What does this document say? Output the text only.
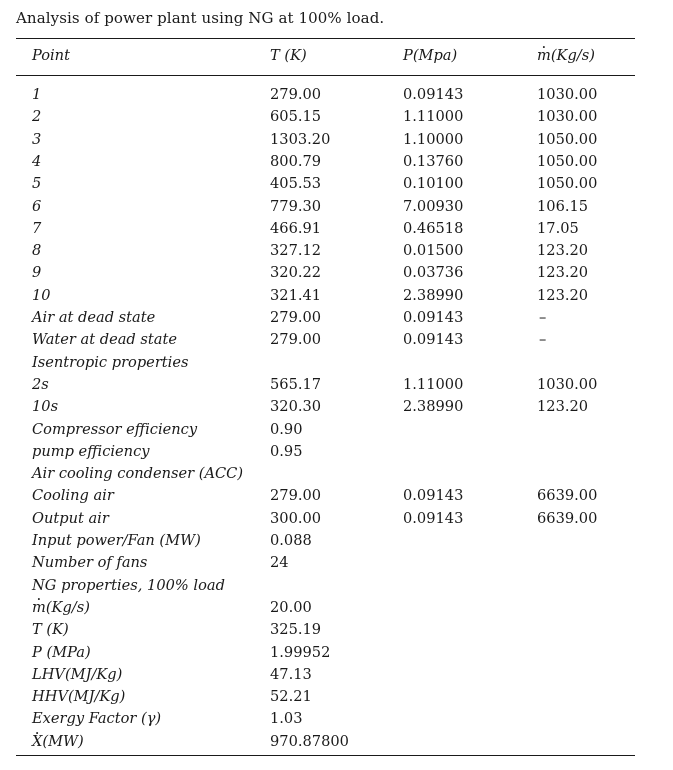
Analysis of power plant using NG at 100% load.
Point	T (K)	P(Mpa)	m ·(Kg/s)
1	279.00	0.09143	1030.00
2	605.15	1.11000	1030.00
3	1303.20	1.10000	1050.00
4	800.79	0.13760	1050.00
5	405.53	0.10100	1050.00
6	779.30	7.00930	106.15
7	466.91	0.46518	17.05
8	327.12	0.01500	123.20
9	320.22	0.03736	123.20
10	321.41	2.38990	123.20
Air at dead state	279.00	0.09143	–
Water at dead state	279.00	0.09143	–
Isentropic properties
2s	565.17	1.11000	1030.00
10s	320.30	2.38990	123.20
Compressor efficiency	0.90
pump efficiency	0.95
Air cooling condenser (ACC)
Cooling air	279.00	0.09143	6639.00
Output air	300.00	0.09143	6639.00
Input power/Fan (MW)	0.088
Number of fans	24
NG properties, 100% load
m ·(Kg/s)	20.00
T (K)	325.19
P (MPa)	1.99952
LHV(MJ/Kg)	47.13
HHV(MJ/Kg)	52.21
Exergy Factor (γ)	1.03
X ·(MW)	970.87800
